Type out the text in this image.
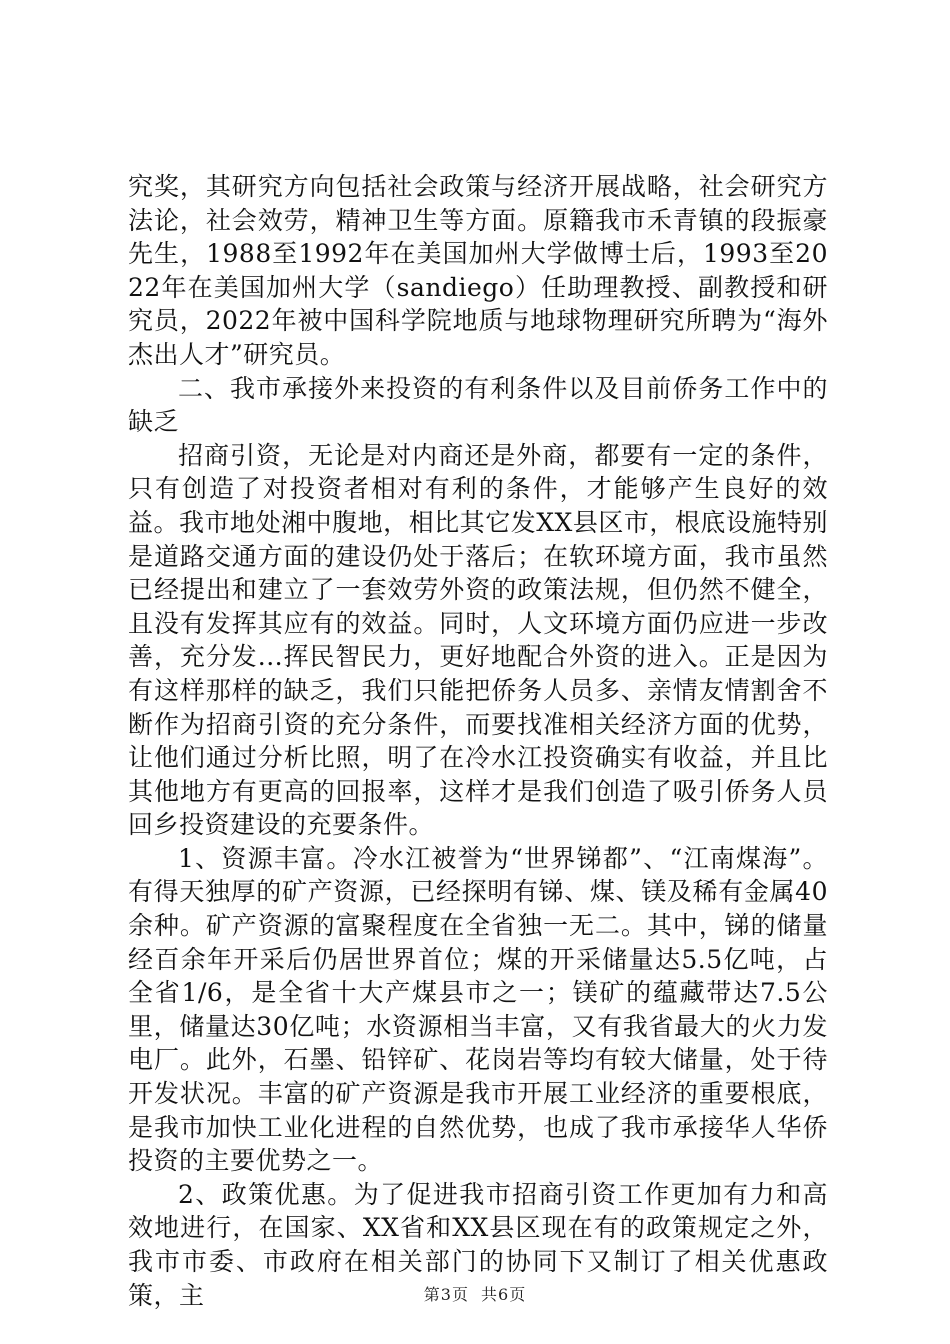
究奖，其研究方向包括社会政策与经济开展战略，社会研究方法论，社会效劳，精神卫生等方面。原籍我市禾青镇的段振豪先生，1988至1992年在美国加州大学做博士后，1993至2022年在美国加州大学（sandiego）任助理教授、副教授和研究员，2022年被中国科学院地质与地球物理研究所聘为“海外杰出人才”研究员。

二、我市承接外来投资的有利条件以及目前侨务工作中的缺乏

招商引资，无论是对内商还是外商，都要有一定的条件，只有创造了对投资者相对有利的条件，才能够产生良好的效益。我市地处湘中腹地，相比其它发XX县区市，根底设施特别是道路交通方面的建设仍处于落后；在软环境方面，我市虽然已经提出和建立了一套效劳外资的政策法规，但仍然不健全，且没有发挥其应有的效益。同时，人文环境方面仍应进一步改善，充分发...挥民智民力，更好地配合外资的进入。正是因为有这样那样的缺乏，我们只能把侨务人员多、亲情友情割舍不断作为招商引资的充分条件，而要找准相关经济方面的优势，让他们通过分析比照，明了在冷水江投资确实有收益，并且比其他地方有更高的回报率，这样才是我们创造了吸引侨务人员回乡投资建设的充要条件。

1、资源丰富。冷水江被誉为“世界锑都”、“江南煤海”。有得天独厚的矿产资源，已经探明有锑、煤、镁及稀有金属40余种。矿产资源的富聚程度在全省独一无二。其中，锑的储量经百余年开采后仍居世界首位；煤的开采储量达5.5亿吨，占全省1/6，是全省十大产煤县市之一；镁矿的蕴藏带达7.5公里，储量达30亿吨；水资源相当丰富，又有我省最大的火力发电厂。此外，石墨、铅锌矿、花岗岩等均有较大储量，处于待开发状况。丰富的矿产资源是我市开展工业经济的重要根底，是我市加快工业化进程的自然优势，也成了我市承接华人华侨投资的主要优势之一。

2、政策优惠。为了促进我市招商引资工作更加有力和高效地进行，在国家、XX省和XX县区现在有的政策规定之外，我市市委、市政府在相关部门的协同下又制订了相关优惠政策，主	第3页 共6页
